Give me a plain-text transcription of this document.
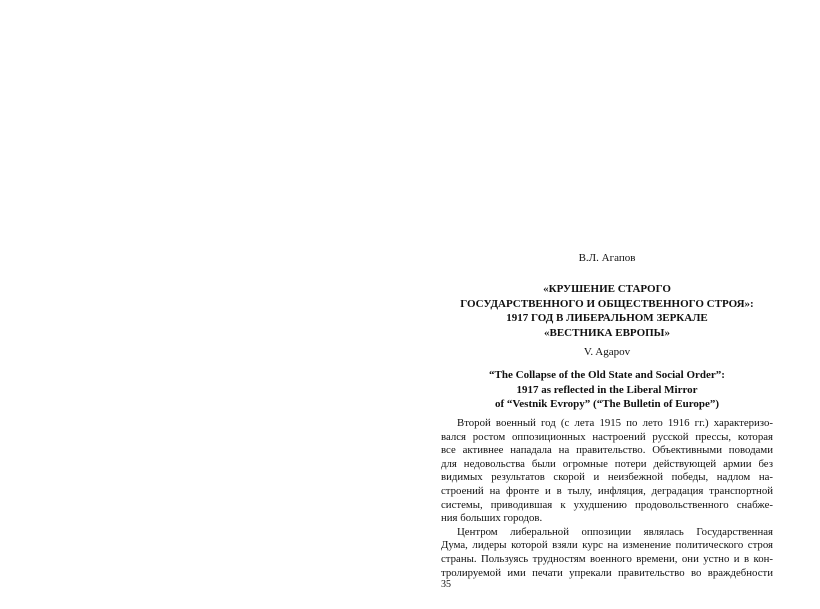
В.Л. Агапов
«КРУШЕНИЕ СТАРОГО
ГОСУДАРСТВЕННОГО И ОБЩЕСТВЕННОГО СТРОЯ»:
1917 ГОД В ЛИБЕРАЛЬНОМ ЗЕРКАЛЕ
«ВЕСТНИКА ЕВРОПЫ»
V. Agapov
“The Collapse of the Old State and Social Order”:
1917 as reflected in the Liberal Mirror
of “Vestnik Evropy” (“The Bulletin of Europe”)
Второй военный год (с лета 1915 по лето 1916 гг.) характеризо-
вался ростом оппозиционных настроений русской прессы, которая
все активнее нападала на правительство. Объективными поводами
для недовольства были огромные потери действующей армии без
видимых результатов скорой и неизбежной победы, надлом на-
строений на фронте и в тылу, инфляция, деградация транспортной
системы, приводившая к ухудшению продовольственного снабже-
ния больших городов.
Центром либеральной оппозиции являлась Государственная
Дума, лидеры которой взяли курс на изменение политического строя
страны. Пользуясь трудностям военного времени, они устно и в кон-
тролируемой ими печати упрекали правительство во враждебности
35
